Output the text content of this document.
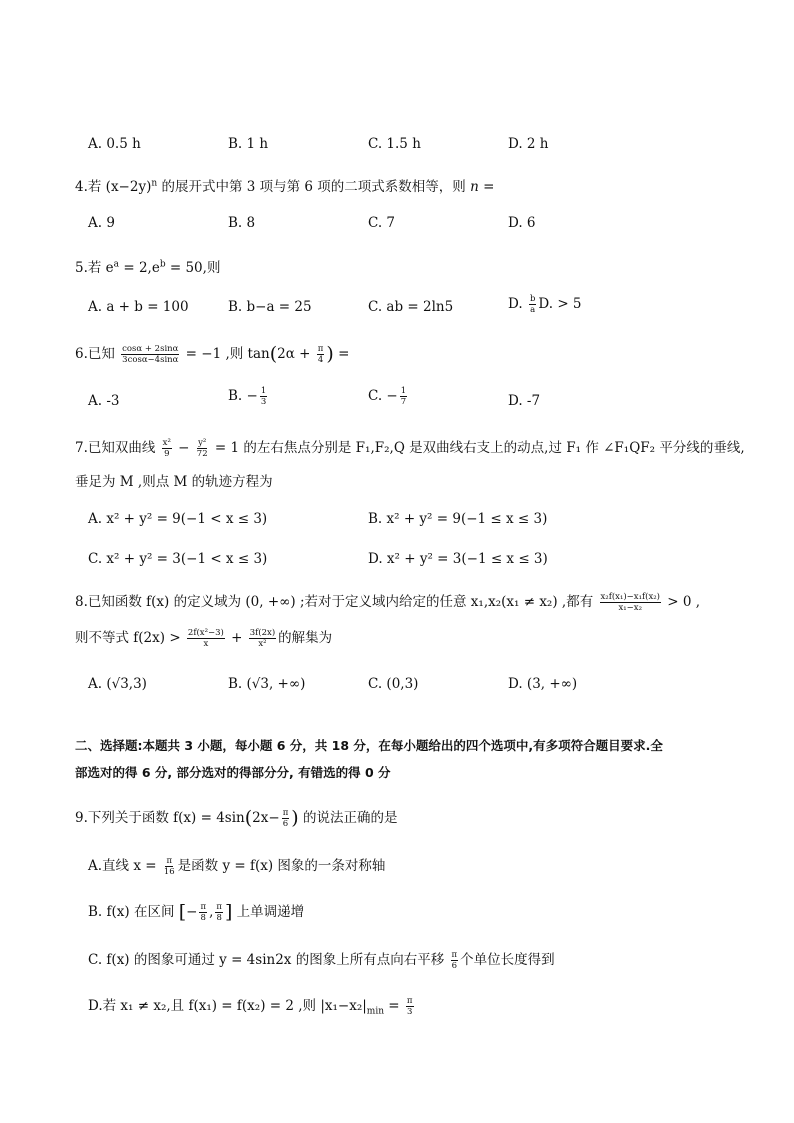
A. 0.5 h	B. 1 h	C. 1.5 h	D. 2 h
4.若 $(x-2y)^n$ 的展开式中第 3 项与第 6 项的二项式系数相等，则 n =
A. 9	B. 8	C. 7	D. 6
5.若 $e^a = 2,e^b = 50$,则
A. a + b = 100	B. b−a = 25	C. ab = 2ln5	D. $\frac{b}{a} D$. > 5
6.已知 $\frac{\cos\alpha + 2\sin\alpha}{3\cos\alpha-4\sin\alpha} = -1$ ,则 $\tan(2\alpha + \frac{\pi}{4}$ ) =
A. -3	B. − $\frac{1}{3}$	C. − $\frac{1}{7}$	D. -7
7.已知双曲线 $\frac{\text{x²}}{9} - \frac{\text{y²}}{72} = 1$ 的左右焦点分别是 F₁,F₂,Q 是双曲线右支上的动点,过 F₁ 作 ∠F₁QF₂ 平分线的垂线,
垂足为 M ,则点 M 的轨迹方程为
A. x² + y² = 9(−1 < x ≤ 3)	B. x² + y² = 9(−1 ≤ x ≤ 3)
C. x² + y² = 3(−1 < x ≤ 3)	D. x² + y² = 3(−1 ≤ x ≤ 3)
8.已知函数 f(x) 的定义域为 (0, +∞) ;若对于定义域内给定的任意 x₁,x₂(x₁ ≠ x₂) ,都有 $\frac{\text{x₂f(x₁)−x₁f(x₂)}}{\text{x₁−x₂}} > 0$ ,
则不等式 $f(2x) > \frac{\text{2f(x²−3)}}{x} + \frac{3f(2x)}{\text{x²}}$ 的解集为
A. (√3,3)	B. (√3, +∞)	C. (0,3)	D. (3, +∞)
二、选择题:本题共 3 小题，每小题 6 分，共 18 分，在每小题给出的四个选项中,有多项符合题目要求.全
部选对的得 6 分, 部分选对的得部分分, 有错选的得 0 分
9.下列关于函数 $f(x) = 4\sin(2x- \frac{\pi}{6}$ ) 的说法正确的是
A.直线 $x = \frac{\pi}{16}$ 是函数 y = f(x) 图象的一条对称轴
B. f(x) 在区间 [− $\frac{\pi}{8}$ , $\frac{\pi}{8}$ ] 上单调递增
C. f(x) 的图象可通过 y = 4sin2x 的图象上所有点向右平移 $\frac{\pi}{6}$ 个单位长度得到
D.若 x₁ ≠ x₂,且 f(x₁) = f(x₂) = 2 ,则 $|x_1-x_2|_{min} = \frac{\pi}{3}$
